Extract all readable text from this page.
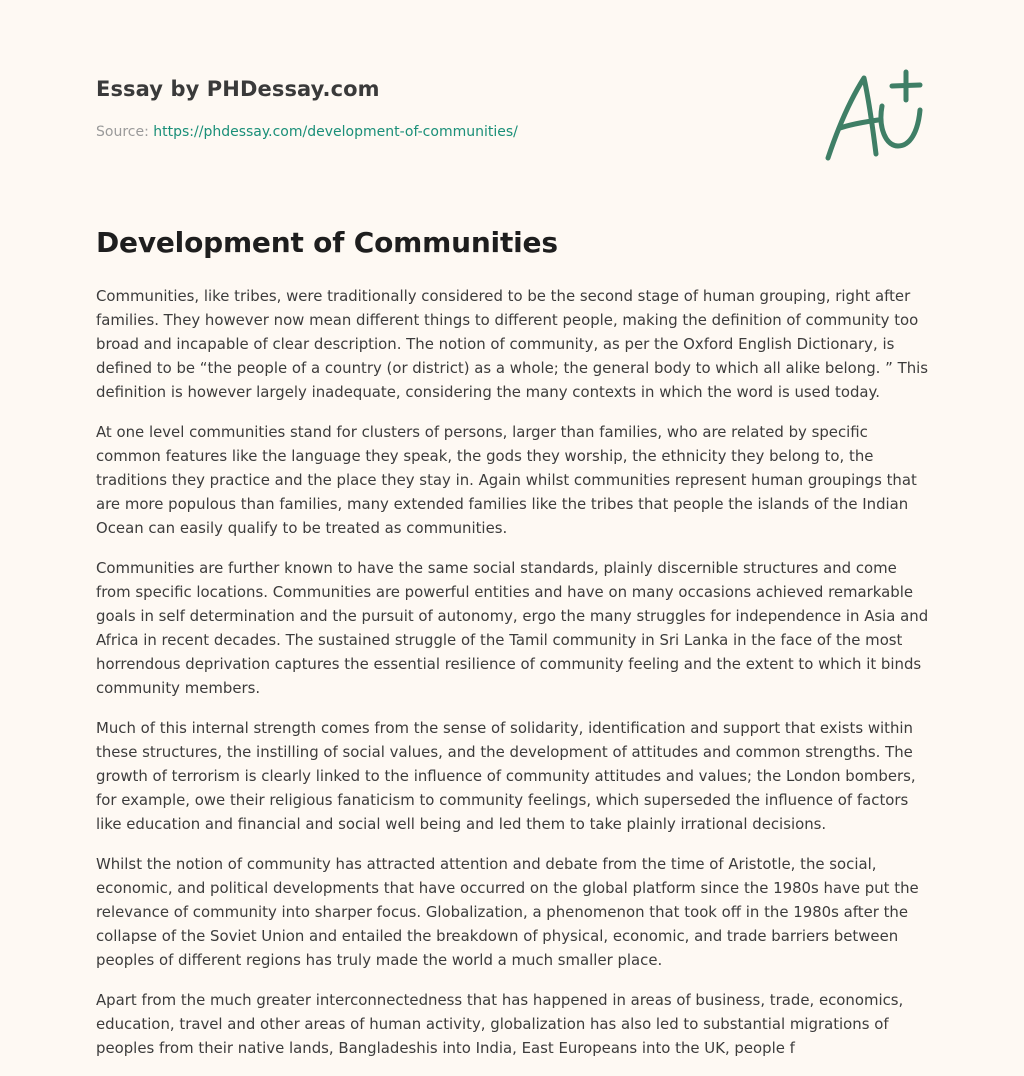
Essay by PHDessay.com
Source: https://phdessay.com/development-of-communities/
Development of Communities

Communities, like tribes, were traditionally considered to be the second stage of human grouping, right after families. They however now mean different things to different people, making the definition of community too broad and incapable of clear description. The notion of community, as per the Oxford English Dictionary, is defined to be “the people of a country (or district) as a whole; the general body to which all alike belong. ” This definition is however largely inadequate, considering the many contexts in which the word is used today.

At one level communities stand for clusters of persons, larger than families, who are related by specific common features like the language they speak, the gods they worship, the ethnicity they belong to, the traditions they practice and the place they stay in. Again whilst communities represent human groupings that are more populous than families, many extended families like the tribes that people the islands of the Indian Ocean can easily qualify to be treated as communities.

Communities are further known to have the same social standards, plainly discernible structures and come from specific locations. Communities are powerful entities and have on many occasions achieved remarkable goals in self determination and the pursuit of autonomy, ergo the many struggles for independence in Asia and Africa in recent decades. The sustained struggle of the Tamil community in Sri Lanka in the face of the most horrendous deprivation captures the essential resilience of community feeling and the extent to which it binds community members.

Much of this internal strength comes from the sense of solidarity, identification and support that exists within these structures, the instilling of social values, and the development of attitudes and common strengths. The growth of terrorism is clearly linked to the influence of community attitudes and values; the London bombers, for example, owe their religious fanaticism to community feelings, which superseded the influence of factors like education and financial and social well being and led them to take plainly irrational decisions.

Whilst the notion of community has attracted attention and debate from the time of Aristotle, the social, economic, and political developments that have occurred on the global platform since the 1980s have put the relevance of community into sharper focus. Globalization, a phenomenon that took off in the 1980s after the collapse of the Soviet Union and entailed the breakdown of physical, economic, and trade barriers between peoples of different regions has truly made the world a much smaller place.

Apart from the much greater interconnectedness that has happened in areas of business, trade, economics, education, travel and other areas of human activity, globalization has also led to substantial migrations of peoples from their native lands, Bangladeshis into India, East Europeans into the UK, people f
